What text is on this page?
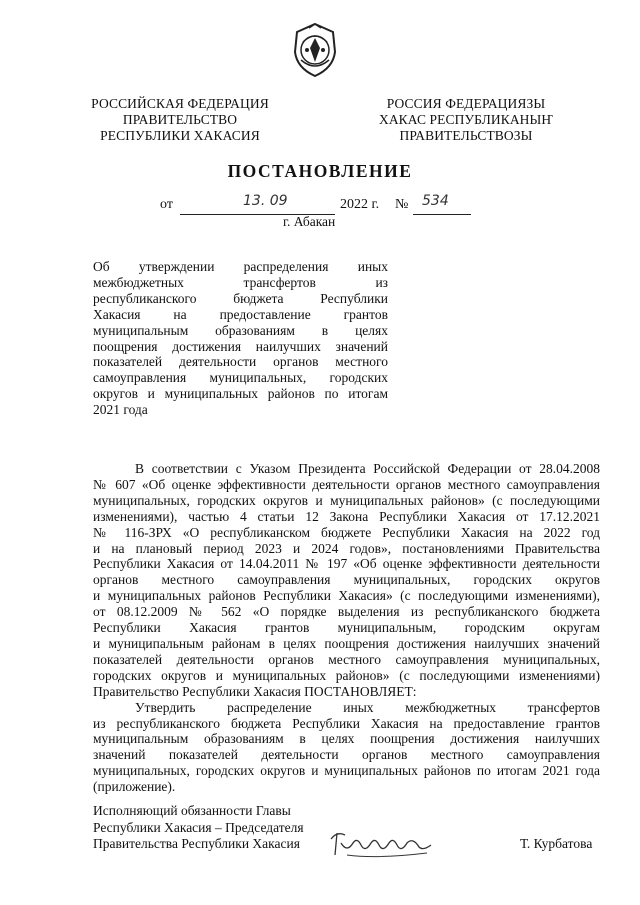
РОССИЙСКАЯ ФЕДЕРАЦИЯ
ПРАВИТЕЛЬСТВО
РЕСПУБЛИКИ ХАКАСИЯ
РОССИЯ ФЕДЕРАЦИЯЗЫ
ХАКАС РЕСПУБЛИКАНЫҤ
ПРАВИТЕЛЬСТВОЗЫ
ПОСТАНОВЛЕНИЕ
от	13. 09	2022 г. № 534
г. Абакан
Об утверждении распределения иных
межбюджетных трансфертов из
республиканского бюджета Республики
Хакасия на предоставление грантов
муниципальным образованиям в целях
поощрения достижения наилучших значений
показателей деятельности органов местного
самоуправления муниципальных, городских
округов и муниципальных районов по итогам
2021 года
В соответствии с Указом Президента Российской Федерации от 28.04.2008
№ 607 «Об оценке эффективности деятельности органов местного самоуправления
муниципальных, городских округов и муниципальных районов» (с последующими
изменениями), частью 4 статьи 12 Закона Республики Хакасия от 17.12.2021
№ 116-ЗРХ «О республиканском бюджете Республики Хакасия на 2022 год
и на плановый период 2023 и 2024 годов», постановлениями Правительства
Республики Хакасия от 14.04.2011 № 197 «Об оценке эффективности деятельности
органов местного самоуправления муниципальных, городских округов
и муниципальных районов Республики Хакасия» (с последующими изменениями),
от 08.12.2009 № 562 «О порядке выделения из республиканского бюджета
Республики Хакасия грантов муниципальным, городским округам
и муниципальным районам в целях поощрения достижения наилучших значений
показателей деятельности органов местного самоуправления муниципальных,
городских округов и муниципальных районов» (с последующими изменениями)
Правительство Республики Хакасия ПОСТАНОВЛЯЕТ:
Утвердить распределение иных межбюджетных трансфертов
из республиканского бюджета Республики Хакасия на предоставление грантов
муниципальным образованиям в целях поощрения достижения наилучших
значений показателей деятельности органов местного самоуправления
муниципальных, городских округов и муниципальных районов по итогам 2021 года
(приложение).
Исполняющий обязанности Главы
Республики Хакасия – Председателя
Правительства Республики Хакасия	Т. Курбатова
